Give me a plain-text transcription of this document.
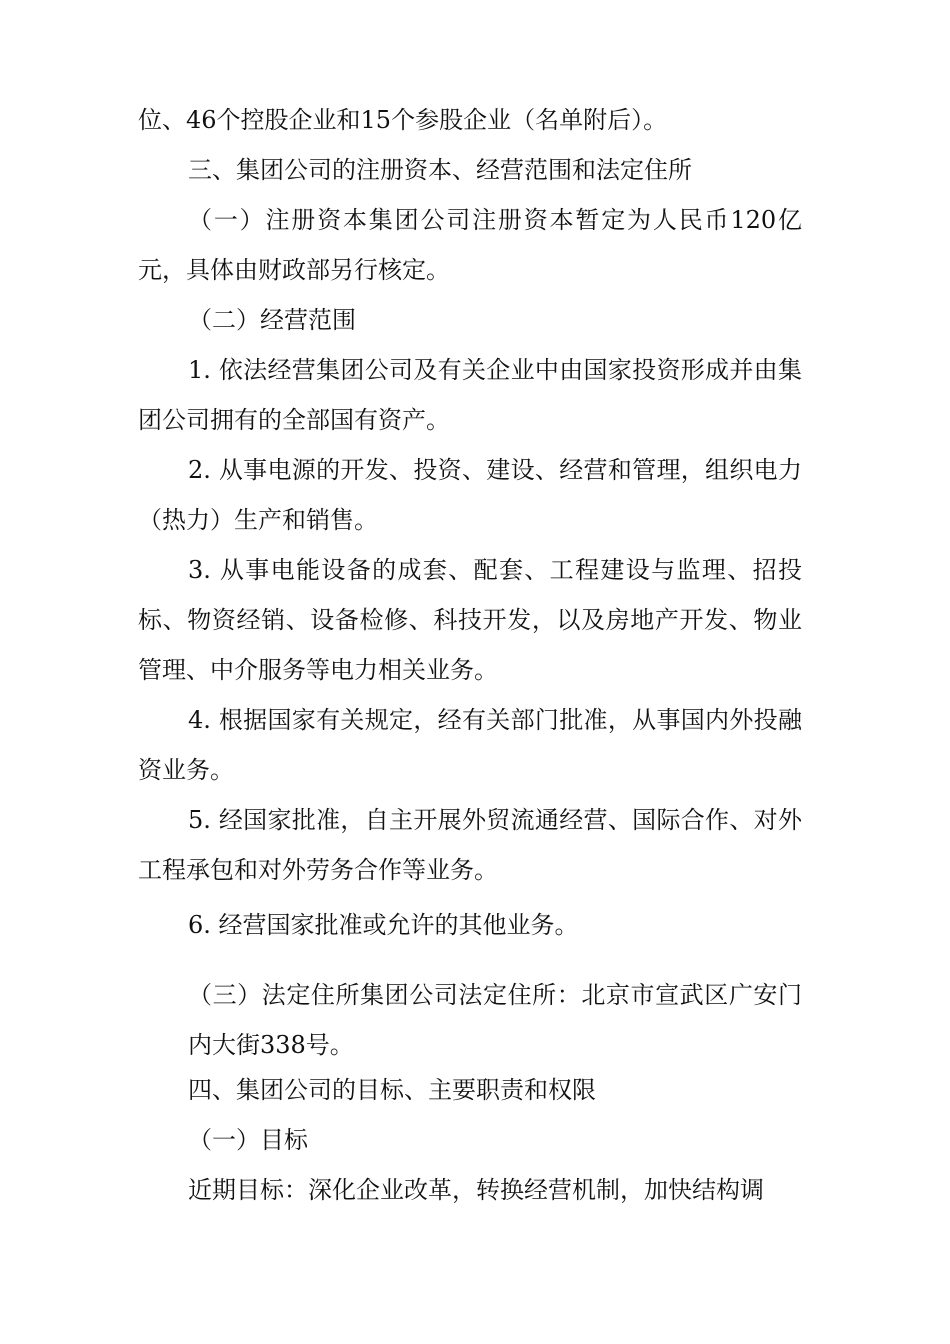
位、46个控股企业和15个参股企业（名单附后）。

三、集团公司的注册资本、经营范围和法定住所

（一）注册资本集团公司注册资本暂定为人民币120亿元，具体由财政部另行核定。

（二）经营范围

1. 依法经营集团公司及有关企业中由国家投资形成并由集团公司拥有的全部国有资产。

2. 从事电源的开发、投资、建设、经营和管理，组织电力（热力）生产和销售。

3. 从事电能设备的成套、配套、工程建设与监理、招投标、物资经销、设备检修、科技开发，以及房地产开发、物业管理、中介服务等电力相关业务。

4. 根据国家有关规定，经有关部门批准，从事国内外投融资业务。

5. 经国家批准，自主开展外贸流通经营、国际合作、对外工程承包和对外劳务合作等业务。

6. 经营国家批准或允许的其他业务。

（三）法定住所集团公司法定住所：北京市宣武区广安门内大街338号。

四、集团公司的目标、主要职责和权限

（一）目标

近期目标：深化企业改革，转换经营机制，加快结构调
